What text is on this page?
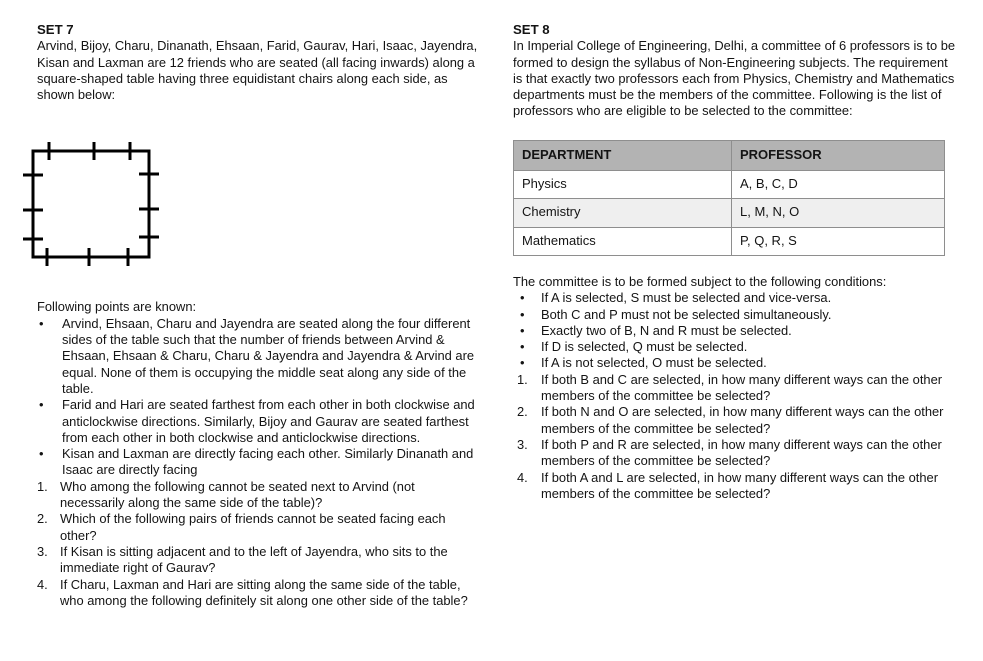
SET 7

Arvind, Bijoy, Charu, Dinanath, Ehsaan, Farid, Gaurav, Hari, Isaac, Jayendra, Kisan and Laxman are 12 friends who are seated (all facing inwards) along a square-shaped table having three equidistant chairs along each side, as shown below:

Following points are known:

•	Arvind, Ehsaan, Charu and Jayendra are seated along the four different sides of the table such that the number of friends between Arvind & Ehsaan, Ehsaan & Charu, Charu & Jayendra and Jayendra & Arvind are equal. None of them is occupying the middle seat along any side of the table.
•	Farid and Hari are seated farthest from each other in both clockwise and anticlockwise directions. Similarly, Bijoy and Gaurav are seated farthest from each other in both clockwise and anticlockwise directions.
•	Kisan and Laxman are directly facing each other. Similarly Dinanath and Isaac are directly facing
1. Who among the following cannot be seated next to Arvind (not necessarily along the same side of the table)?
2. Which of the following pairs of friends cannot be seated facing each other?
3. If Kisan is sitting adjacent and to the left of Jayendra, who sits to the immediate right of Gaurav?
4. If Charu, Laxman and Hari are sitting along the same side of the table, who among the following definitely sit along one other side of the table?
SET 8

In Imperial College of Engineering, Delhi, a committee of 6 professors is to be formed to design the syllabus of Non-Engineering subjects. The requirement is that exactly two professors each from Physics, Chemistry and Mathematics departments must be the members of the committee. Following is the list of professors who are eligible to be selected to the committee:

DEPARTMENT	PROFESSOR
Physics	A, B, C, D
Chemistry	L, M, N, O
Mathematics	P, Q, R, S

The committee is to be formed subject to the following conditions:

•	If A is selected, S must be selected and vice-versa.
•	Both C and P must not be selected simultaneously.
•	Exactly two of B, N and R must be selected.
•	If D is selected, Q must be selected.
•	If A is not selected, O must be selected.
1.	If both B and C are selected, in how many different ways can the other members of the committee be selected?
2.	If both N and O are selected, in how many different ways can the other members of the committee be selected?
3.	If both P and R are selected, in how many different ways can the other members of the committee be selected?
4.	If both A and L are selected, in how many different ways can the other members of the committee be selected?
